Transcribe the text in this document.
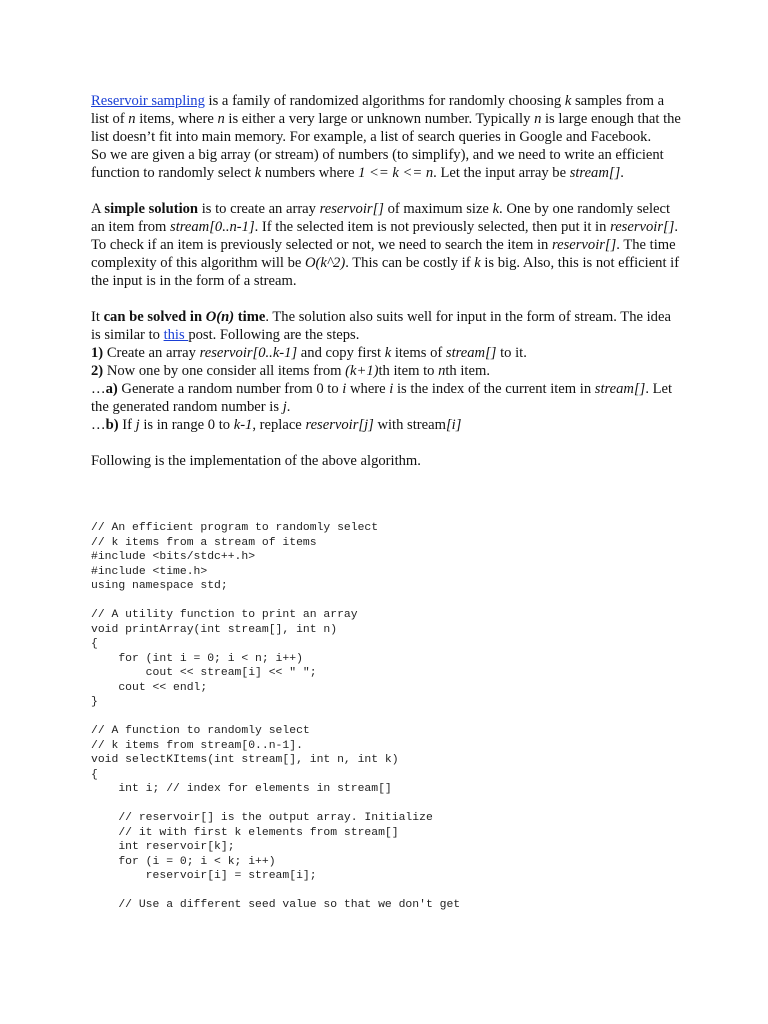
Reservoir sampling is a family of randomized algorithms for randomly choosing k samples from a list of n items, where n is either a very large or unknown number. Typically n is large enough that the list doesn’t fit into main memory. For example, a list of search queries in Google and Facebook.

So we are given a big array (or stream) of numbers (to simplify), and we need to write an efficient function to randomly select k numbers where 1 <= k <= n. Let the input array be stream[].

A simple solution is to create an array reservoir[] of maximum size k. One by one randomly select an item from stream[0..n-1]. If the selected item is not previously selected, then put it in reservoir[]. To check if an item is previously selected or not, we need to search the item in reservoir[]. The time complexity of this algorithm will be O(k^2). This can be costly if k is big. Also, this is not efficient if the input is in the form of a stream.

It can be solved in O(n) time. The solution also suits well for input in the form of stream. The idea is similar to this post. Following are the steps.

1) Create an array reservoir[0..k-1] and copy first k items of stream[] to it.

2) Now one by one consider all items from (k+1)th item to nth item.

…a) Generate a random number from 0 to i where i is the index of the current item in stream[]. Let the generated random number is j.

…b) If j is in range 0 to k-1, replace reservoir[j] with stream[i]

Following is the implementation of the above algorithm.

// An efficient program to randomly select
// k items from a stream of items
#include <bits/stdc++.h>
#include <time.h>
using namespace std;
// A utility function to print an array
void printArray(int stream[], int n)
{
for (int i = 0; i < n; i++)
cout << stream[i] << " ";
cout << endl;
}
// A function to randomly select
// k items from stream[0..n-1].
void selectKItems(int stream[], int n, int k)
{
int i; // index for elements in stream[]
// reservoir[] is the output array. Initialize
// it with first k elements from stream[]
int reservoir[k];
for (i = 0; i < k; i++)
reservoir[i] = stream[i];
// Use a different seed value so that we don't get
